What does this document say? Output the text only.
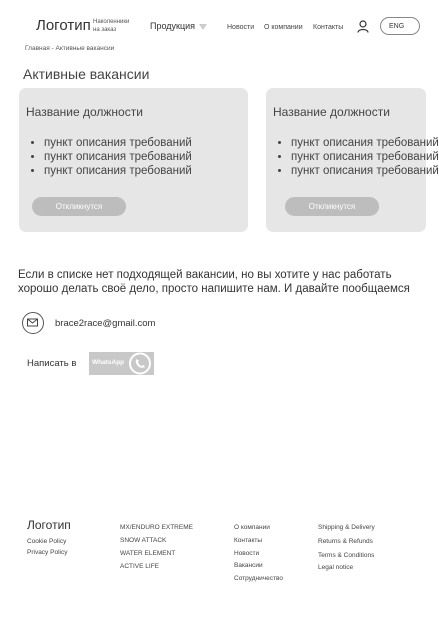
Логотип Наколенники
на заказ	Продукция	Новости О компании Контакты	ENG
Главная - Активные вакансии
Активные вакансии
Название должности
• пункт описания требований
• пункт описания требований
• пункт описания требований
Откликнутся
Название должности
• пункт описания требований
• пункт описания требований
• пункт описания требований
Откликнутся
Если в списке нет подходящей вакансии, но вы хотите у нас работать
хорошо делать своё дело, просто напишите нам. И давайте пообщаемся
brace2race@gmail.com
Написать в WhatsApp
Логотип
Cookie Policy
Privacy Policy
MX/ENDURO EXTREME
SNOW ATTACK
WATER ELEMENT
ACTIVE LIFE
О компании
Контакты
Новости
Вакансии
Сотрудничество
Shipping & Delivery
Returns & Refunds
Terms & Conditions
Legal notice
